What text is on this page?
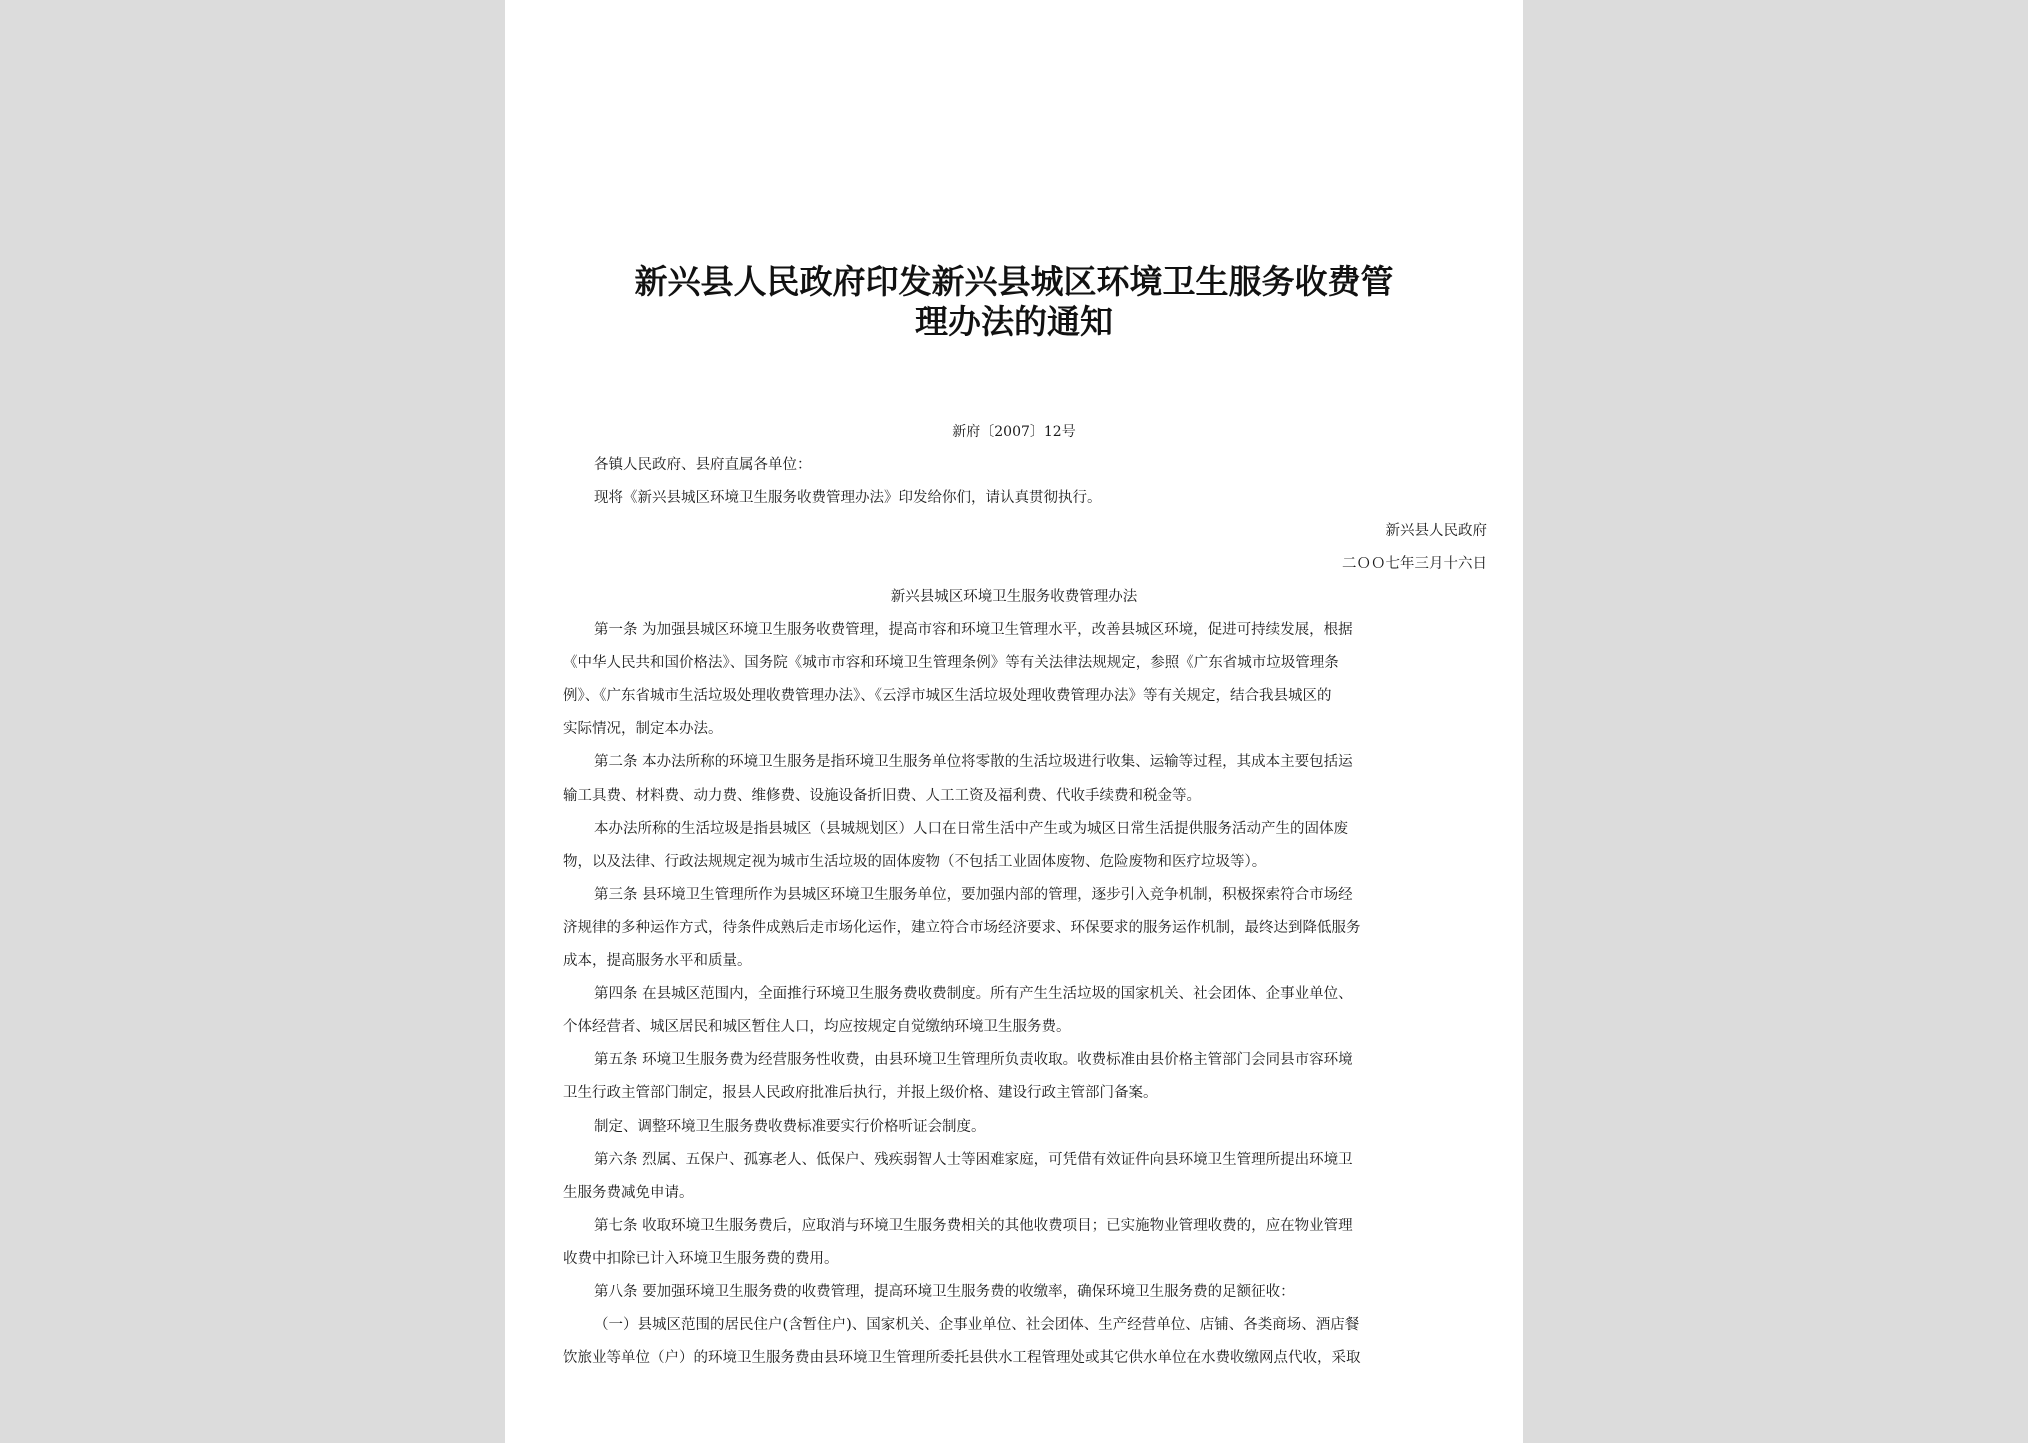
新兴县人民政府印发新兴县城区环境卫生服务收费管
理办法的通知
新府〔2007〕12号
各镇人民政府、县府直属各单位：
现将《新兴县城区环境卫生服务收费管理办法》印发给你们，请认真贯彻执行。
新兴县人民政府
二ＯＯ七年三月十六日
新兴县城区环境卫生服务收费管理办法
第一条 为加强县城区环境卫生服务收费管理，提高市容和环境卫生管理水平，改善县城区环境，促进可持续发展，根据
《中华人民共和国价格法》、国务院《城市市容和环境卫生管理条例》等有关法律法规规定，参照《广东省城市垃圾管理条
例》、《广东省城市生活垃圾处理收费管理办法》、《云浮市城区生活垃圾处理收费管理办法》等有关规定，结合我县城区的
实际情况，制定本办法。
第二条 本办法所称的环境卫生服务是指环境卫生服务单位将零散的生活垃圾进行收集、运输等过程，其成本主要包括运
输工具费、材料费、动力费、维修费、设施设备折旧费、人工工资及福利费、代收手续费和税金等。
本办法所称的生活垃圾是指县城区（县城规划区）人口在日常生活中产生或为城区日常生活提供服务活动产生的固体废
物，以及法律、行政法规规定视为城市生活垃圾的固体废物（不包括工业固体废物、危险废物和医疗垃圾等）。
第三条 县环境卫生管理所作为县城区环境卫生服务单位，要加强内部的管理，逐步引入竞争机制，积极探索符合市场经
济规律的多种运作方式，待条件成熟后走市场化运作，建立符合市场经济要求、环保要求的服务运作机制，最终达到降低服务
成本，提高服务水平和质量。
第四条 在县城区范围内，全面推行环境卫生服务费收费制度。所有产生生活垃圾的国家机关、社会团体、企事业单位、
个体经营者、城区居民和城区暂住人口，均应按规定自觉缴纳环境卫生服务费。
第五条 环境卫生服务费为经营服务性收费，由县环境卫生管理所负责收取。收费标准由县价格主管部门会同县市容环境
卫生行政主管部门制定，报县人民政府批准后执行，并报上级价格、建设行政主管部门备案。
制定、调整环境卫生服务费收费标准要实行价格听证会制度。
第六条 烈属、五保户、孤寡老人、低保户、残疾弱智人士等困难家庭，可凭借有效证件向县环境卫生管理所提出环境卫
生服务费减免申请。
第七条 收取环境卫生服务费后，应取消与环境卫生服务费相关的其他收费项目；已实施物业管理收费的，应在物业管理
收费中扣除已计入环境卫生服务费的费用。
第八条 要加强环境卫生服务费的收费管理，提高环境卫生服务费的收缴率，确保环境卫生服务费的足额征收：
（一）县城区范围的居民住户(含暂住户)、国家机关、企事业单位、社会团体、生产经营单位、店铺、各类商场、酒店餐
饮旅业等单位（户）的环境卫生服务费由县环境卫生管理所委托县供水工程管理处或其它供水单位在水费收缴网点代收，采取
